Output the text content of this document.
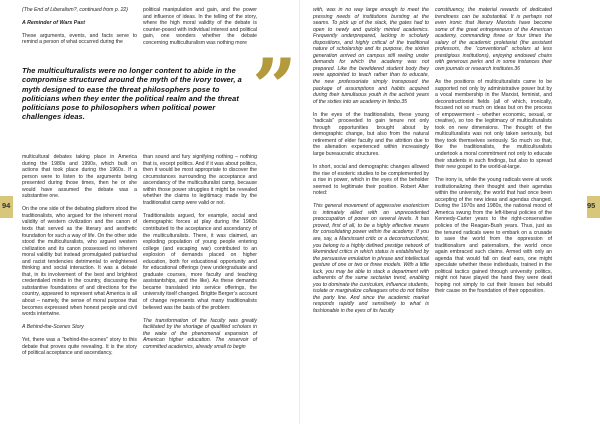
(The End of Liberalism?, continued from p. 22)

A Reminder of Wars Past

These arguments, events, and facts serve to remind a person of what occurred during the

political manipulation and gain, and the power and influence of ideas. In the telling of the story, where the high moral validity of the debate is counter-posed with individual interest and political gain, one wonders whether the debate concerning multiculturalism was nothing more

The multiculturalists were no longer content to abide in the compromise structured around the myth of the ivory tower, a myth designed to ease the threat philosophers pose to politicians when they enter the political realm and the threat politicians pose to philosophers when political power challenges ideas.	”

multicultural debates taking place in America during the 1980s and 1990s, which built on actions that took place during the 1960s. If a person were to listen to the arguments being presented during those times, then he or she would have assumed the debate was a substantive one.

On the one side of the debating platform stood the traditionalists, who argued for the inherent moral validity of western civilization and the canon of texts that served as the literary and aesthetic foundation for such a way of life. On the other side stood the multiculturalists, who argued western civilization and its canon possessed no inherent moral validity but instead promulgated patriarchal and racist tendencies detrimental to enlightened thinking and social interaction. It was a debate that, in its involvement of the best and brightest credentialed minds in the country, discussing the substantive foundations of and directions for the country, appeared to represent what America is all about – namely, the sense of moral purpose that becomes expressed when honest people and civil words intertwine.

A Behind-the-Scenes Story

Yet, there was a “behind-the-scenes” story to this debate that proves quite revealing. It is the story of political acceptance and ascendancy,

than sound and fury signifying nothing – nothing that is, except politics. And if it was about politics, then it would be most appropriate to discover the circumstances surrounding the acceptance and ascendancy of the multiculturalist camp, because within those power struggles it might be revealed whether the claims to legitimacy made by the traditionalist camp were valid or not.

Traditionalists argued, for example, social and demographic forces at play during the 1960s contributed to the acceptance and ascendancy of the multiculturalists. There, it was claimed, an exploding population of young people entering college (and escaping war) contributed to an explosion of demands placed on higher education, both for educational opportunity and for educational offerings (new undergraduate and graduate courses, more faculty and teaching assistantships, and the like). As these demands became translated into service offerings, the university itself changed. Brigitte Berger’s account of change represents what many traditionalists believed was the basis of the problem:

The transformation of the faculty was greatly facilitated by the shortage of qualified scholars in the wake of the phenomenal expansion of American higher education. The reservoir of committed academics, already small to begin

with, was in no way large enough to meet the pressing needs of institutions bursting at the seams. To pick up of the slack, the gates had to open to newly and quickly minted academics. Frequently underprepared, lacking in scholarly dispositions, and highly critical of the traditional nature of scholarship and its purpose, the sixties generation arrived on campus still reeling under demands for which the academy was not prepared. Like the bewildered student body they were appointed to teach rather than to educate, the new professoriate simply transposed the package of assumptions and habits acquired during their tumultuous youth in the activist years of the sixties into an academy in limbo.35

In the eyes of the traditionalists, these young “radicals” proceeded to gain tenure not only through opportunities brought about by demographic change, but also from the natural retirement of elder faculty and the attrition due to the alienation experienced within increasingly large bureaucratic structures.

In short, social and demographic changes allowed the rise of esoteric studies to be complemented by a rise in power, which in the eyes of the beholder seemed to legitimate their position. Robert Alter noted:

This general movement of aggressive esotericism is intimately allied with an unprecedented preoccupation of power on several levels. It has proved, first of all, to be a highly effective means for consolidating power within the academy. If you are, say, a Marxissant critic or a deconstructionist, you belong to a highly defined prestige network of likeminded critics in which status is established by the persuasive emulation in phrase and intellectual gesture of one or two or three models. With a little luck, you may be able to stack a department with adherents of the same sectarian trend, enabling you to dominate the curriculum, influence students, isolate or marginalize colleagues who do not follow the party line. And since the academic market responds rapidly and sensitively to what is fashionable in the eyes of its faculty

constituency, the material rewards of dedicated trendiness can be substantial. It is perhaps not even ironic that literary Marxists have become some of the great entrepreneurs of the American academy, commanding three or four times the salary of the academic proletariat (the assistant professors, the “conventional” scholars at less prestigious institutions), enjoying endowed chairs with generous perks and in some instances their own journals or research institutes.36

As the positions of multiculturalists came to be supported not only by administrative power but by a vocal membership in the Marxist, feminist, and deconstructionist fields (all of which, ironically, focused not so much on ideas but on the process of empowerment – whether economic, sexual, or creative), so too the legitimacy of multiculturalists took on new dimensions. The thought of the multiculturalists was not only taken seriously, but they took themselves seriously. So much so that, like the traditionalists, the multiculturalists undertook a moral commitment not only to educate their students in such findings, but also to spread their new gospel to the world-at-large.

The irony is, while the young radicals were at work institutionalizing their thought and their agendas within the university, the world that had once been accepting of the new ideas and agendas changed. During the 1970s and 1980s, the national mood of America swung from the left-liberal policies of the Kennedy-Carter years to the right-conservative policies of the Reagan-Bush years. Thus, just as the tenured radicals were to embark on a crusade to save the world from the oppression of traditionalism and paternalism, the world once again embraced such claims. Armed with only an agenda that would fall on deaf ears, one might speculate whether these individuals, trained in the political tactics gained through university politics, might not have played the hand they were dealt hoping not simply to cut their losses but rebuild their cause on the foundation of their opposition.

94	95
